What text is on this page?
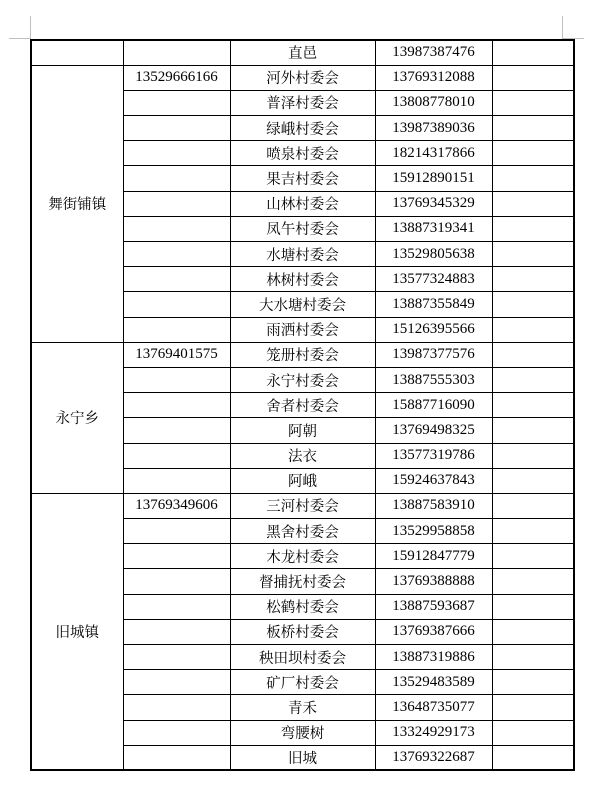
		直邑	13987387476	
舞街铺镇	13529666166	河外村委会	13769312088	
		普泽村委会	13808778010	
		绿峨村委会	13987389036	
		喷泉村委会	18214317866	
		果吉村委会	15912890151	
		山林村委会	13769345329	
		凤午村委会	13887319341	
		水塘村委会	13529805638	
		林树村委会	13577324883	
		大水塘村委会	13887355849	
		雨洒村委会	15126395566	
永宁乡	13769401575	笼册村委会	13987377576	
		永宁村委会	13887555303	
		舍者村委会	15887716090	
		阿朝	13769498325	
		法衣	13577319786	
		阿峨	15924637843	
旧城镇	13769349606	三河村委会	13887583910	
		黑舍村委会	13529958858	
		木龙村委会	15912847779	
		督捕抚村委会	13769388888	
		松鹤村委会	13887593687	
		板桥村委会	13769387666	
		秧田坝村委会	13887319886	
		矿厂村委会	13529483589	
		青禾	13648735077	
		弯腰树	13324929173	
		旧城	13769322687	
